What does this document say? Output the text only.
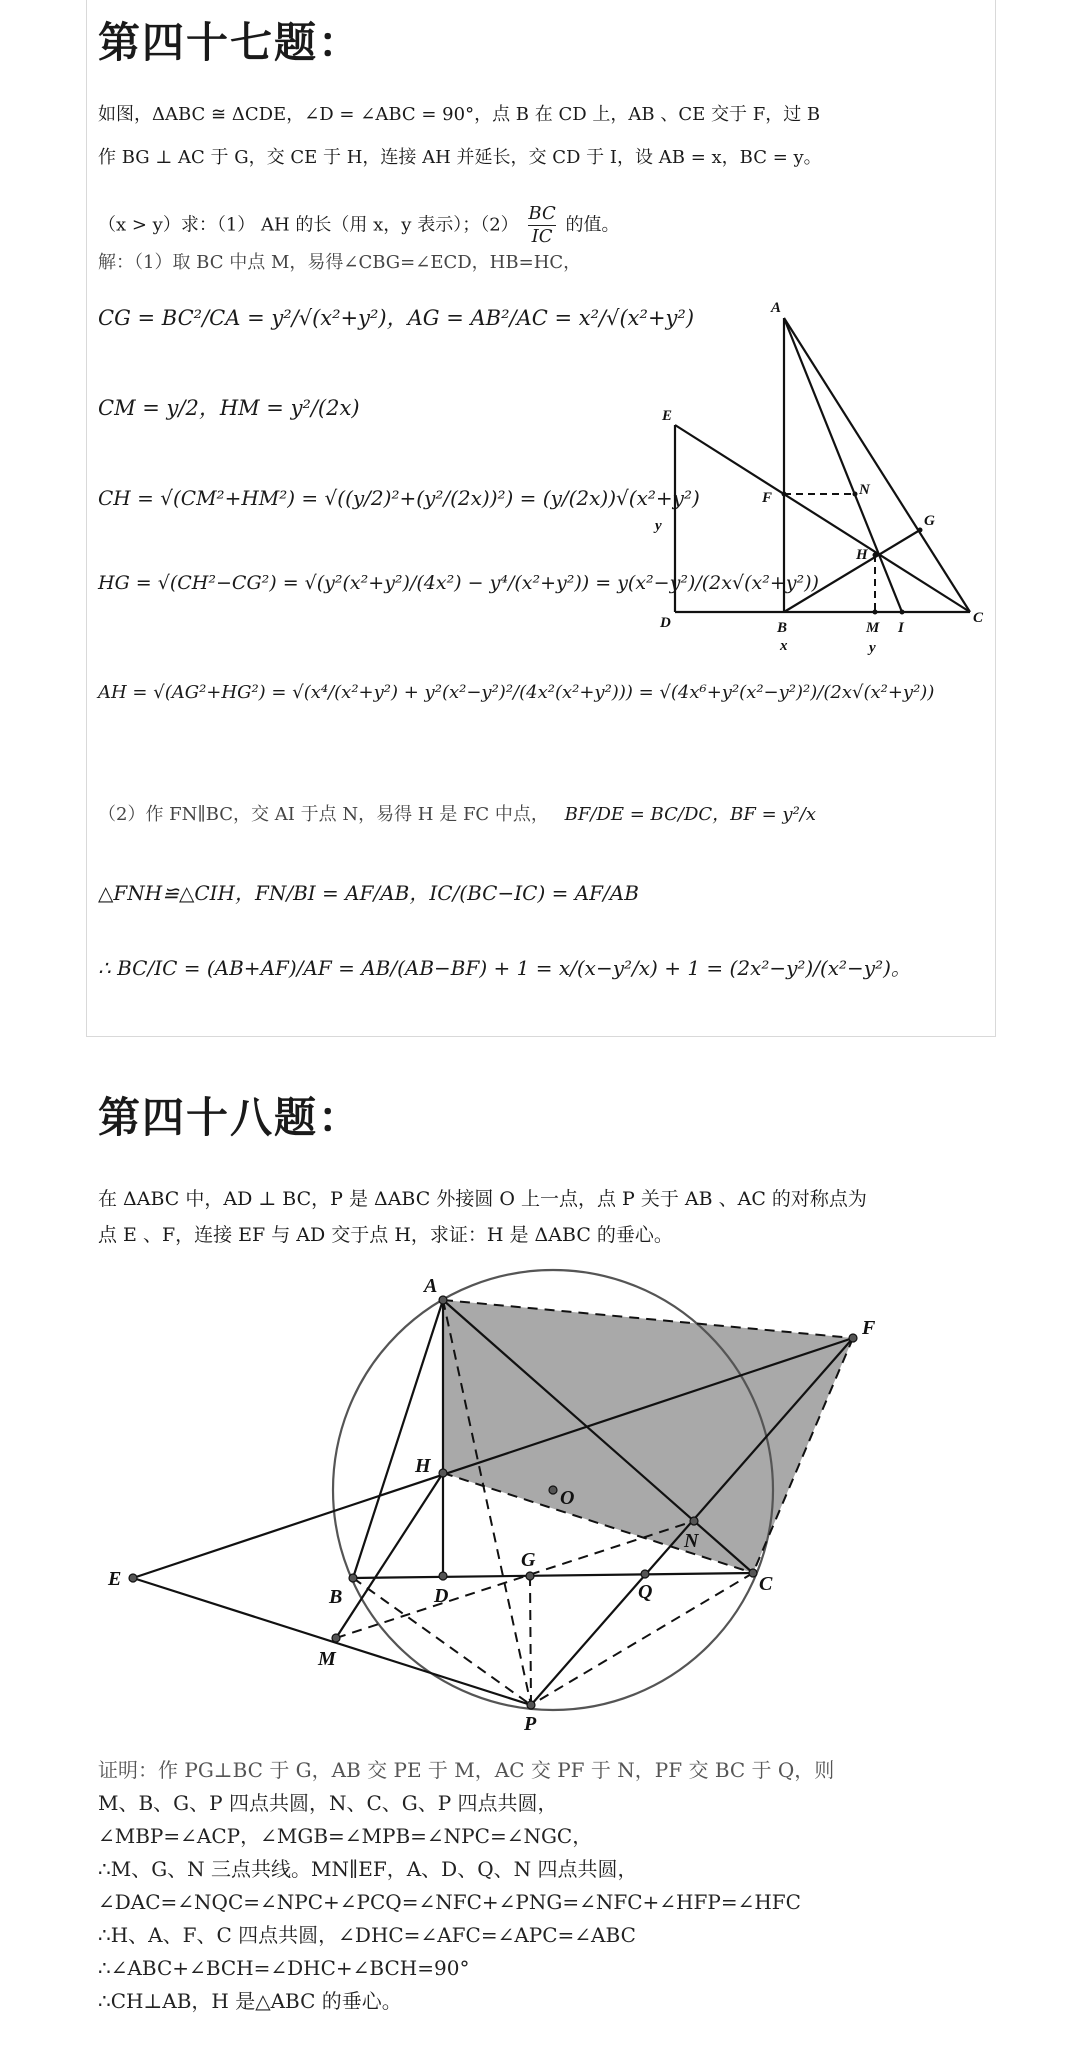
第四十七题：
如图，ΔABC ≅ ΔCDE，∠D = ∠ABC = 90°，点 B 在 CD 上，AB 、CE 交于 F，过 B
作 BG ⊥ AC 于 G，交 CE 于 H，连接 AH 并延长，交 CD 于 I，设 AB = x，BC = y。
（x > y）求：（1） AH 的长（用 x，y 表示）；$(2) \frac{BC}{IC}$ 的值。
解：（1）取 BC 中点 M，易得∠CBG=∠ECD，HB=HC，
CG = BC²/CA = y²/√(x²+y²)，AG = AB²/AC = x²/√(x²+y²)
CM = y/2，HM = y²/(2x)
CH = √(CM²+HM²) = √((y/2)²+(y²/(2x))²) = (y/(2x))√(x²+y²)
HG = √(CH²−CG²) = √(y²(x²+y²)/(4x²) − y⁴/(x²+y²)) = y(x²−y²)/(2x√(x²+y²))
AH = √(AG²+HG²) = √(x⁴/(x²+y²) + y²(x²−y²)²/(4x²(x²+y²))) = √(4x⁶+y²(x²−y²)²)/(2x√(x²+y²))
（2）作 FN∥BC，交 AI 于点 N，易得 H 是 FC 中点， BF/DE = BC/DC，BF = y²/x
△FNH≌△CIH，FN/BI = AF/AB，IC/(BC−IC) = AF/AB
∴ BC/IC = (AB+AF)/AF = AB/(AB−BF) + 1 = x/(x−y²/x) + 1 = (2x²−y²)/(x²−y²)。
A
E
F	N
G
H
D	B	M I
C
x
y
y
第四十八题：
在 ΔABC 中，AD ⊥ BC，P 是 ΔABC 外接圆 O 上一点，点 P 关于 AB 、AC 的对称点为
点 E 、F，连接 EF 与 AD 交于点 H，求证：H 是 ΔABC 的垂心。
A
F
H
O
N
E
G
B	D	Q	C
M
P
证明：作 PG⊥BC 于 G，AB 交 PE 于 M，AC 交 PF 于 N，PF 交 BC 于 Q，则
M、B、G、P 四点共圆，N、C、G、P 四点共圆，
∠MBP=∠ACP，∠MGB=∠MPB=∠NPC=∠NGC，
∴M、G、N 三点共线。MN∥EF，A、D、Q、N 四点共圆，
∠DAC=∠NQC=∠NPC+∠PCQ=∠NFC+∠PNG=∠NFC+∠HFP=∠HFC
∴H、A、F、C 四点共圆，∠DHC=∠AFC=∠APC=∠ABC
∴∠ABC+∠BCH=∠DHC+∠BCH=90°
∴CH⊥AB，H 是△ABC 的垂心。
